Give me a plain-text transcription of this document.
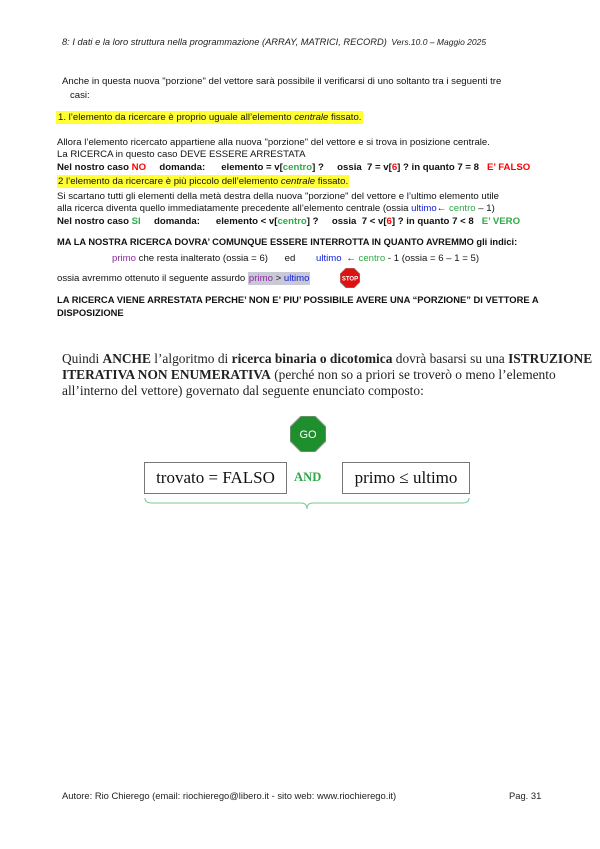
8: I dati e la loro struttura nella programmazione (ARRAY, MATRICI, RECORD) Vers.10.0 – Maggio 2025
Anche in questa nuova "porzione" del vettore sarà possibile il verificarsi di uno soltanto tra i seguenti tre
casi:
1. l’elemento da ricercare è proprio uguale all’elemento centrale fissato.
Allora l’elemento ricercato appartiene alla nuova "porzione" del vettore e si trova in posizione centrale.
La RICERCA in questo caso DEVE ESSERE ARRESTATA
Nel nostro caso NO     domanda:      elemento = v[centro] ?     ossia  7 = v[6] ? in quanto 7 = 8   E’ FALSO
2 l’elemento da ricercare è più piccolo dell’elemento centrale fissato.
Si scartano tutti gli elementi della metà destra della nuova "porzione" del vettore e l’ultimo elemento utile
alla ricerca diventa quello immediatamente precedente all’elemento centrale (ossia ultimo← centro – 1)
Nel nostro caso SI     domanda:      elemento < v[centro] ?     ossia  7 < v[6] ? in quanto 7 < 8   E’ VERO
MA LA NOSTRA RICERCA DOVRA’ COMUNQUE ESSERE INTERROTTA IN QUANTO AVREMMO gli indici:
primo che resta inalterato (ossia = 6) ed ultimo ← centro - 1 (ossia = 6 – 1 = 5)
ossia avremmo ottenuto il seguente assurdo primo > ultimo	STOP
LA RICERCA VIENE ARRESTATA PERCHE’ NON E’ PIU’ POSSIBILE AVERE UNA “PORZIONE” DI VETTORE A
DISPOSIZIONE
Quindi ANCHE l’algoritmo di ricerca binaria o dicotomica dovrà basarsi su una ISTRUZIONE
ITERATIVA NON ENUMERATIVA (perché non so a priori se troverò o meno l’elemento
all’interno del vettore) governato dal seguente enunciato composto:
GO
trovato = FALSO	AND	primo ≤ ultimo
Autore: Rio Chierego (email: riochierego@libero.it - sito web: www.riochierego.it)	Pag. 31
